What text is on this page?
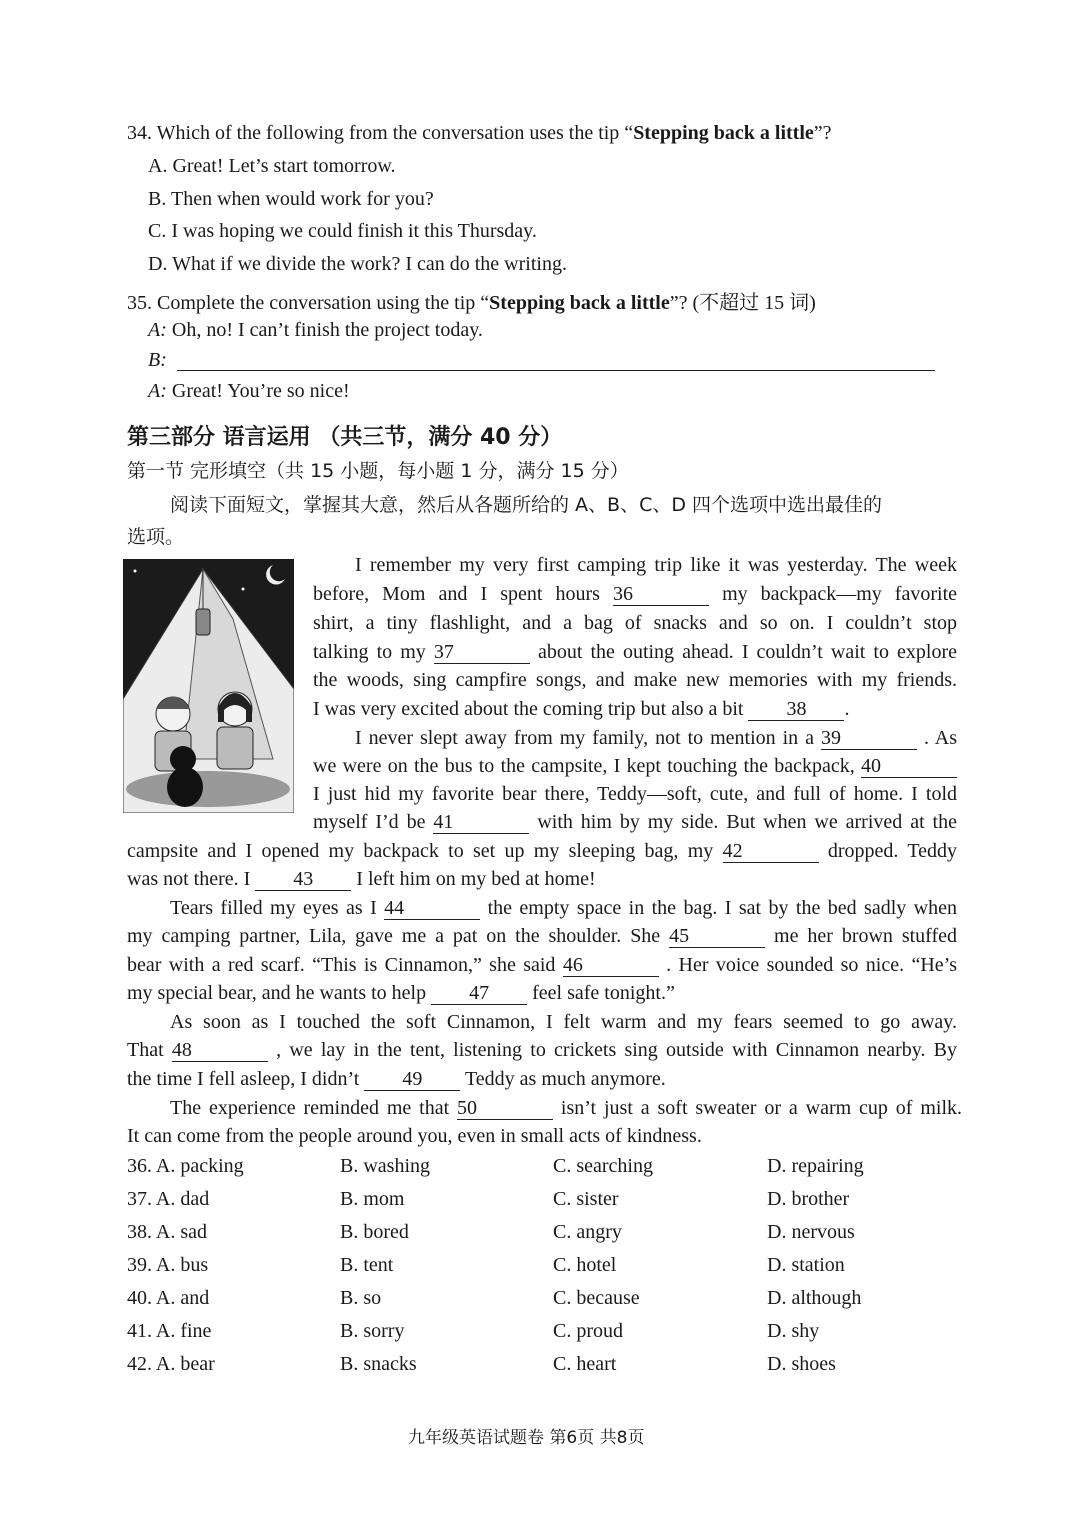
34. Which of the following from the conversation uses the tip “Stepping back a little”?
A. Great! Let’s start tomorrow.
B. Then when would work for you?
C. I was hoping we could finish it this Thursday.
D. What if we divide the work? I can do the writing.
35. Complete the conversation using the tip “Stepping back a little”? (不超过 15 词)
A: Oh, no! I can’t finish the project today.
B:
A: Great! You’re so nice!
第三部分 语言运用 （共三节，满分 40 分）
第一节 完形填空（共 15 小题，每小题 1 分，满分 15 分）
阅读下面短文，掌握其大意，然后从各题所给的 A、B、C、D 四个选项中选出最佳的
选项。
I remember my very first camping trip like it was yesterday. The week
before, Mom and I spent hours 36	my backpack—my favorite
shirt, a tiny flashlight, and a bag of snacks and so on. I couldn’t stop
talking to my 37	about the outing ahead. I couldn’t wait to explore
the woods, sing campfire songs, and make new memories with my friends.
I was very excited about the coming trip but also a bit 38 .
I never slept away from my family, not to mention in a 39	. As
we were on the bus to the campsite, I kept touching the backpack, 40
I just hid my favorite bear there, Teddy—soft, cute, and full of home. I told
myself I’d be 41	with him by my side. But when we arrived at the
campsite and I opened my backpack to set up my sleeping bag, my 42	dropped. Teddy
was not there. I 43 I left him on my bed at home!
Tears filled my eyes as I 44	the empty space in the bag. I sat by the bed sadly when
my camping partner, Lila, gave me a pat on the shoulder. She 45	me her brown stuffed
bear with a red scarf. “This is Cinnamon,” she said 46	. Her voice sounded so nice. “He’s
my special bear, and he wants to help 47 feel safe tonight.”
As soon as I touched the soft Cinnamon, I felt warm and my fears seemed to go away.
That 48	, we lay in the tent, listening to crickets sing outside with Cinnamon nearby. By
the time I fell asleep, I didn’t 49 Teddy as much anymore.
The experience reminded me that 50	isn’t just a soft sweater or a warm cup of milk.
It can come from the people around you, even in small acts of kindness.
36. A. packing	B. washing	C. searching	D. repairing
37. A. dad	B. mom	C. sister	D. brother
38. A. sad	B. bored	C. angry	D. nervous
39. A. bus	B. tent	C. hotel	D. station
40. A. and	B. so	C. because	D. although
41. A. fine	B. sorry	C. proud	D. shy
42. A. bear	B. snacks	C. heart	D. shoes
九年级英语试题卷 第6页 共8页
